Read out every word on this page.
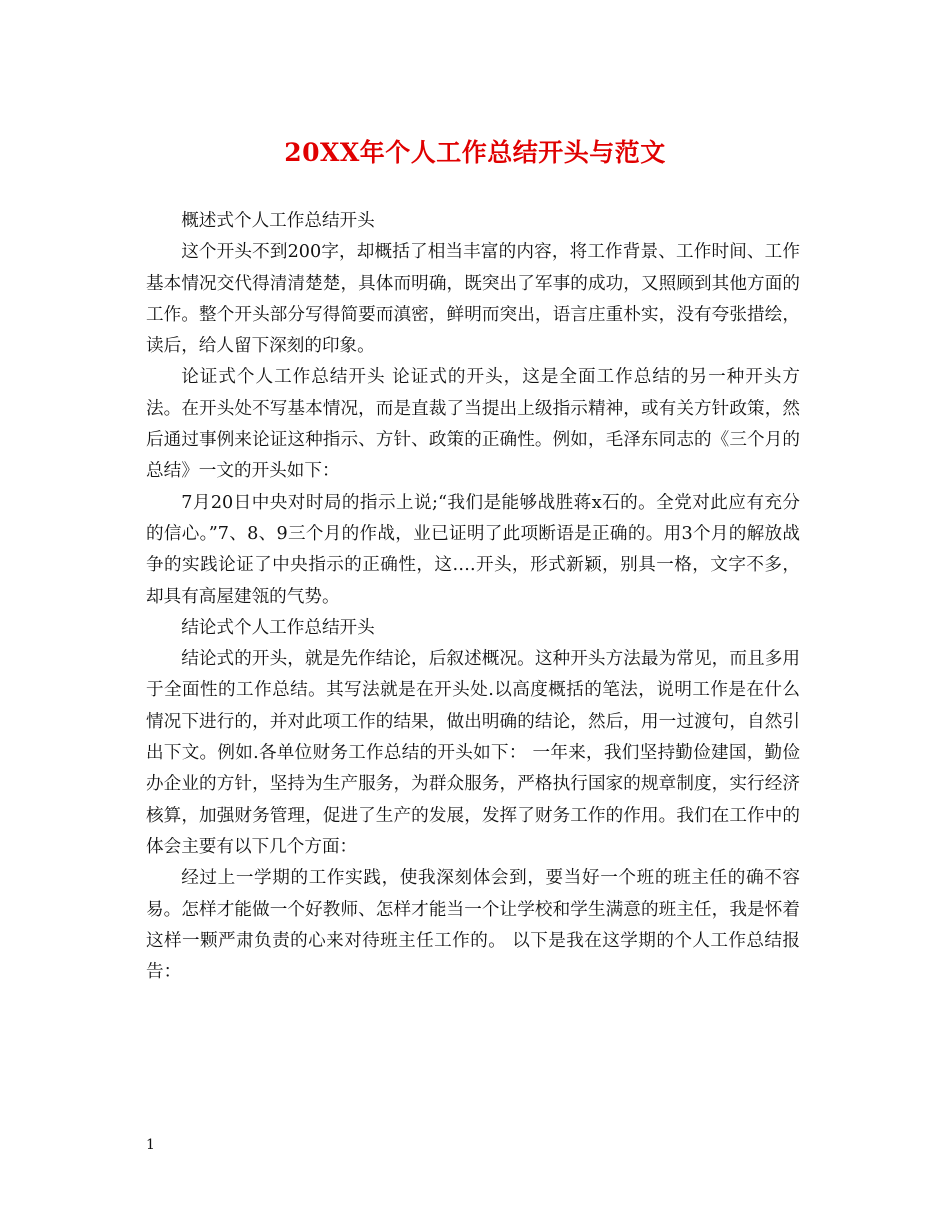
20XX年个人工作总结开头与范文

概述式个人工作总结开头

这个开头不到200字，却概括了相当丰富的内容，将工作背景、工作时间、工作基本情况交代得清清楚楚，具体而明确，既突出了军事的成功，又照顾到其他方面的工作。整个开头部分写得简要而滇密，鲜明而突出，语言庄重朴实，没有夸张措绘，读后，给人留下深刻的印象。

论证式个人工作总结开头 论证式的开头，这是全面工作总结的另一种开头方法。在开头处不写基本情况，而是直裁了当提出上级指示精神，或有关方针政策，然后通过事例来论证这种指示、方针、政策的正确性。例如，毛泽东同志的《三个月的总结》一文的开头如下：

7月20日中央对时局的指示上说;“我们是能够战胜蒋x石的。全党对此应有充分的信心。”7、8、9三个月的作战，业已证明了此项断语是正确的。用3个月的解放战争的实践论证了中央指示的正确性，这….开头，形式新颖，别具一格，文字不多，却具有高屋建瓴的气势。

结论式个人工作总结开头

结论式的开头，就是先作结论，后叙述概况。这种开头方法最为常见，而且多用于全面性的工作总结。其写法就是在开头处.以高度概括的笔法，说明工作是在什么情况下进行的，并对此项工作的结果，做出明确的结论，然后，用一过渡句，自然引出下文。例如.各单位财务工作总结的开头如下： 一年来，我们坚持勤俭建国，勤俭办企业的方针，坚持为生产服务，为群众服务，严格执行国家的规章制度，实行经济核算，加强财务管理，促进了生产的发展，发挥了财务工作的作用。我们在工作中的体会主要有以下几个方面：

经过上一学期的工作实践，使我深刻体会到，要当好一个班的班主任的确不容易。怎样才能做一个好教师、怎样才能当一个让学校和学生满意的班主任，我是怀着这样一颗严肃负责的心来对待班主任工作的。 以下是我在这学期的个人工作总结报告：

1
